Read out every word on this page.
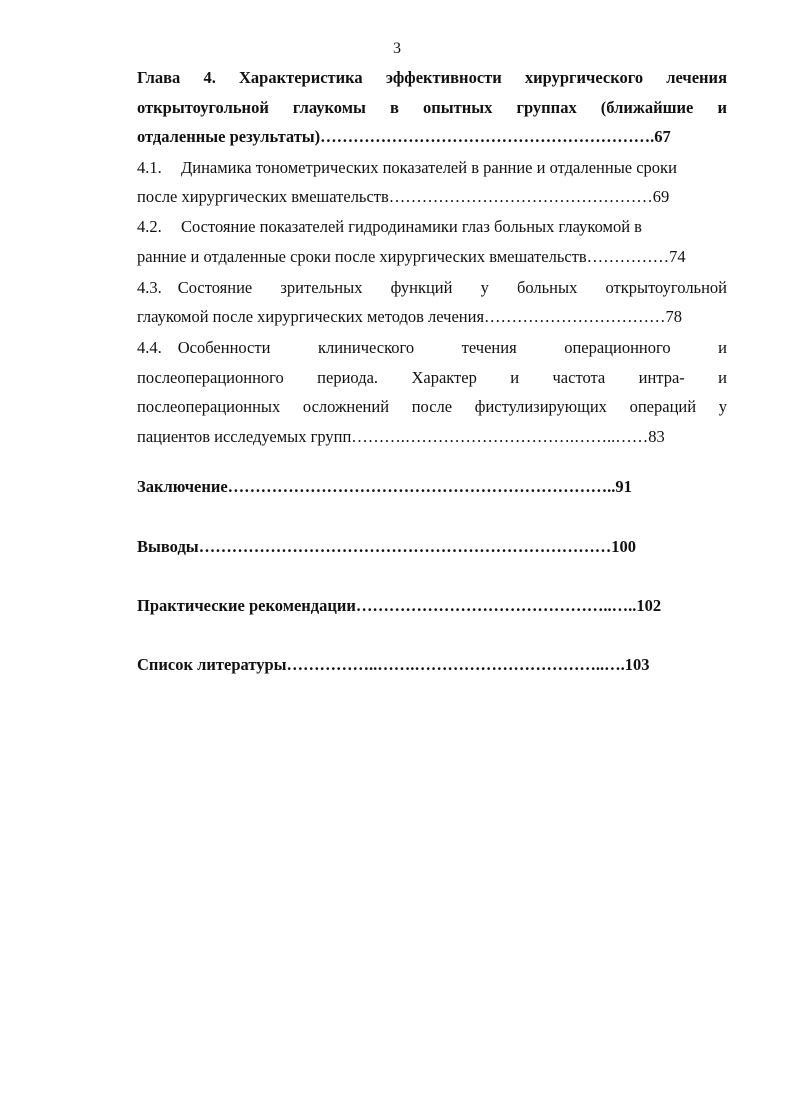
3
Глава 4. Характеристика эффективности хирургического лечения
открытоугольной глаукомы в опытных группах (ближайшие и
отдаленные результаты)…………………………………………………….67
4.1. Динамика тонометрических показателей в ранние и отдаленные сроки
после хирургических вмешательств…………………………………………69
4.2. Состояние показателей гидродинамики глаз больных глаукомой в
ранние и отдаленные сроки после хирургических вмешательств……………74
4.3. Состояние зрительных функций у больных открытоугольной
глаукомой после хирургических методов лечения……………………………78
4.4. Особенности клинического течения операционного и
послеоперационного периода. Характер и частота интра- и
послеоперационных осложнений после фистулизирующих операций у
пациентов исследуемых групп……….………………………….……..……83
Заключение……………………………………………………………..91
Выводы…………………………………………………………………100
Практические рекомендации………………………………………..…..102
Список литературы……………..…….……………………………..….103
